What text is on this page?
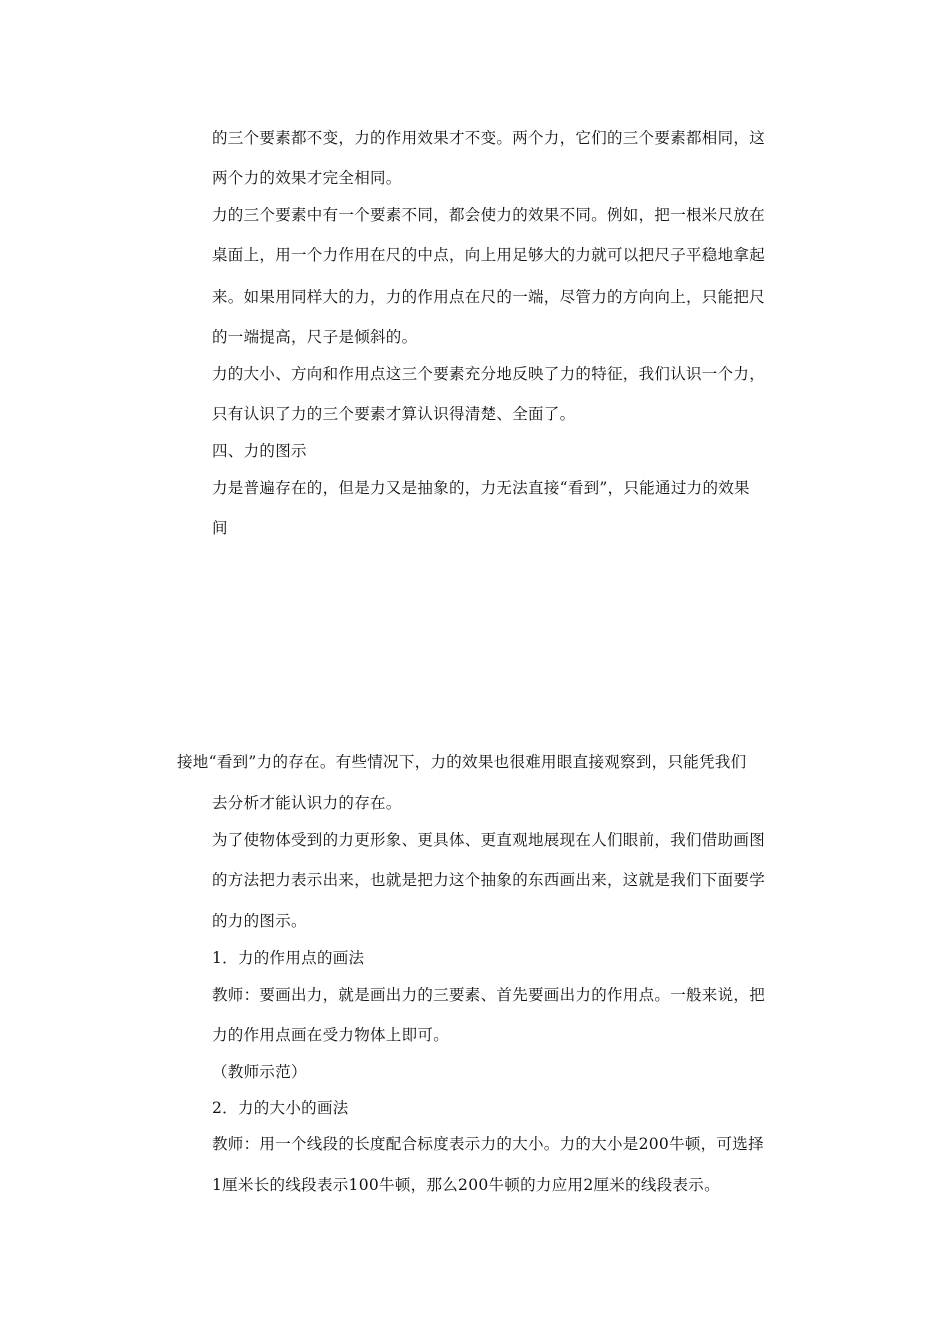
的三个要素都不变，力的作用效果才不变。两个力，它们的三个要素都相同，这
两个力的效果才完全相同。
力的三个要素中有一个要素不同，都会使力的效果不同。例如，把一根米尺放在
桌面上，用一个力作用在尺的中点，向上用足够大的力就可以把尺子平稳地拿起
来。如果用同样大的力，力的作用点在尺的一端，尽管力的方向向上，只能把尺
的一端提高，尺子是倾斜的。
力的大小、方向和作用点这三个要素充分地反映了力的特征，我们认识一个力，
只有认识了力的三个要素才算认识得清楚、全面了。
四、力的图示
力是普遍存在的，但是力又是抽象的，力无法直接“看到”，只能通过力的效果
间
接地“看到”力的存在。有些情况下，力的效果也很难用眼直接观察到，只能凭我们
去分析才能认识力的存在。
为了使物体受到的力更形象、更具体、更直观地展现在人们眼前，我们借助画图
的方法把力表示出来，也就是把力这个抽象的东西画出来，这就是我们下面要学
的力的图示。
1．力的作用点的画法
教师：要画出力，就是画出力的三要素、首先要画出力的作用点。一般来说，把
力的作用点画在受力物体上即可。
（教师示范）
2．力的大小的画法
教师：用一个线段的长度配合标度表示力的大小。力的大小是200牛顿，可选择
1厘米长的线段表示100牛顿，那么200牛顿的力应用2厘米的线段表示。
